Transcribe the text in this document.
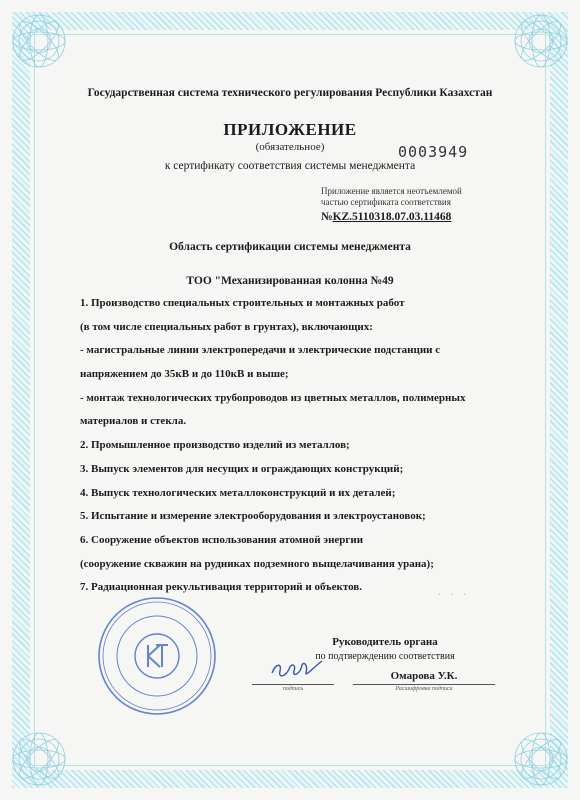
Государственная система технического регулирования Республики Казахстан
ПРИЛОЖЕНИЕ
(обязательное)	0003949
к сертификату соответствия системы менеджмента
Приложение является неотъемлемой
частью сертификата соответствия
№KZ.5110318.07.03.11468
Область сертификации системы менеджмента
ТОО "Механизированная колонна №49
1. Производство специальных строительных и монтажных работ
(в том числе специальных работ в грунтах), включающих:
- магистральные линии электропередачи и электрические подстанции с
напряжением до 35кВ и до 110кВ и выше;
- монтаж технологических трубопроводов из цветных металлов, полимерных
материалов и стекла.
2. Промышленное производство изделий из металлов;
3. Выпуск элементов для несущих и ограждающих конструкций;
4. Выпуск технологических металлоконструкций и их деталей;
5. Испытание и измерение электрооборудования и электроустановок;
6. Сооружение объектов использования атомной энергии
(сооружение скважин на рудниках подземного выщелачивания урана);
7. Радиационная рекультивация территорий и объектов.
· · ·
Руководитель органа
по подтверждению соответствия
подпись
Омарова У.К.
Расшифровка подписи
